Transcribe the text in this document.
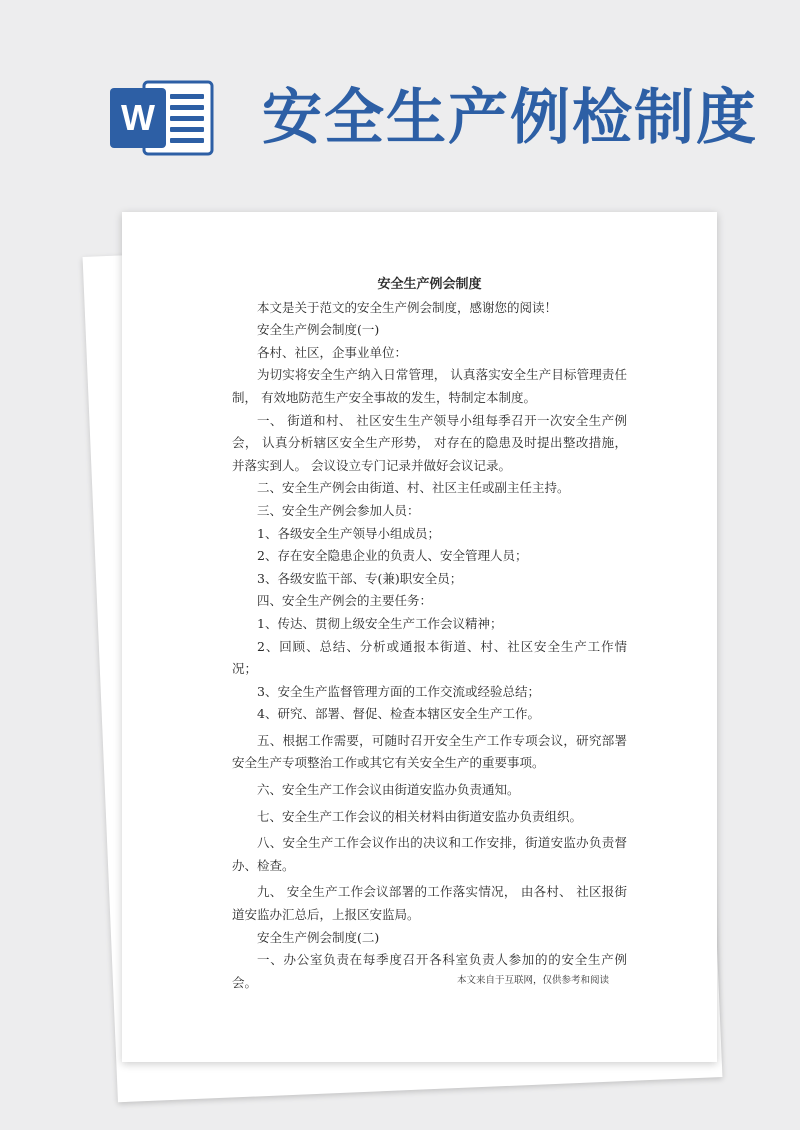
W 安全生产例检制度

安全生产例会制度

本文是关于范文的安全生产例会制度，感谢您的阅读！

安全生产例会制度(一)

各村、社区，企事业单位：

为切实将安全生产纳入日常管理， 认真落实安全生产目标管理责任制， 有效地防范生产安全事故的发生，特制定本制度。

一、 街道和村、 社区安生生产领导小组每季召开一次安全生产例会， 认真分析辖区安全生产形势， 对存在的隐患及时提出整改措施， 并落实到人。 会议设立专门记录并做好会议记录。

二、安全生产例会由街道、村、社区主任或副主任主持。

三、安全生产例会参加人员：

1、各级安全生产领导小组成员；

2、存在安全隐患企业的负责人、安全管理人员；

3、各级安监干部、专(兼)职安全员；

四、安全生产例会的主要任务：

1、传达、贯彻上级安全生产工作会议精神；

2、回顾、总结、分析或通报本街道、村、社区安全生产工作情况；

3、安全生产监督管理方面的工作交流或经验总结；

4、研究、部署、督促、检查本辖区安全生产工作。

五、根据工作需要，可随时召开安全生产工作专项会议，研究部署安全生产专项整治工作或其它有关安全生产的重要事项。

六、安全生产工作会议由街道安监办负责通知。

七、安全生产工作会议的相关材料由街道安监办负责组织。

八、安全生产工作会议作出的决议和工作安排，街道安监办负责督办、检查。

九、 安全生产工作会议部署的工作落实情况， 由各村、 社区报街道安监办汇总后，上报区安监局。

安全生产例会制度(二)

一、办公室负责在每季度召开各科室负责人参加的的安全生产例会。	本文来自于互联网，仅供参考和阅读
